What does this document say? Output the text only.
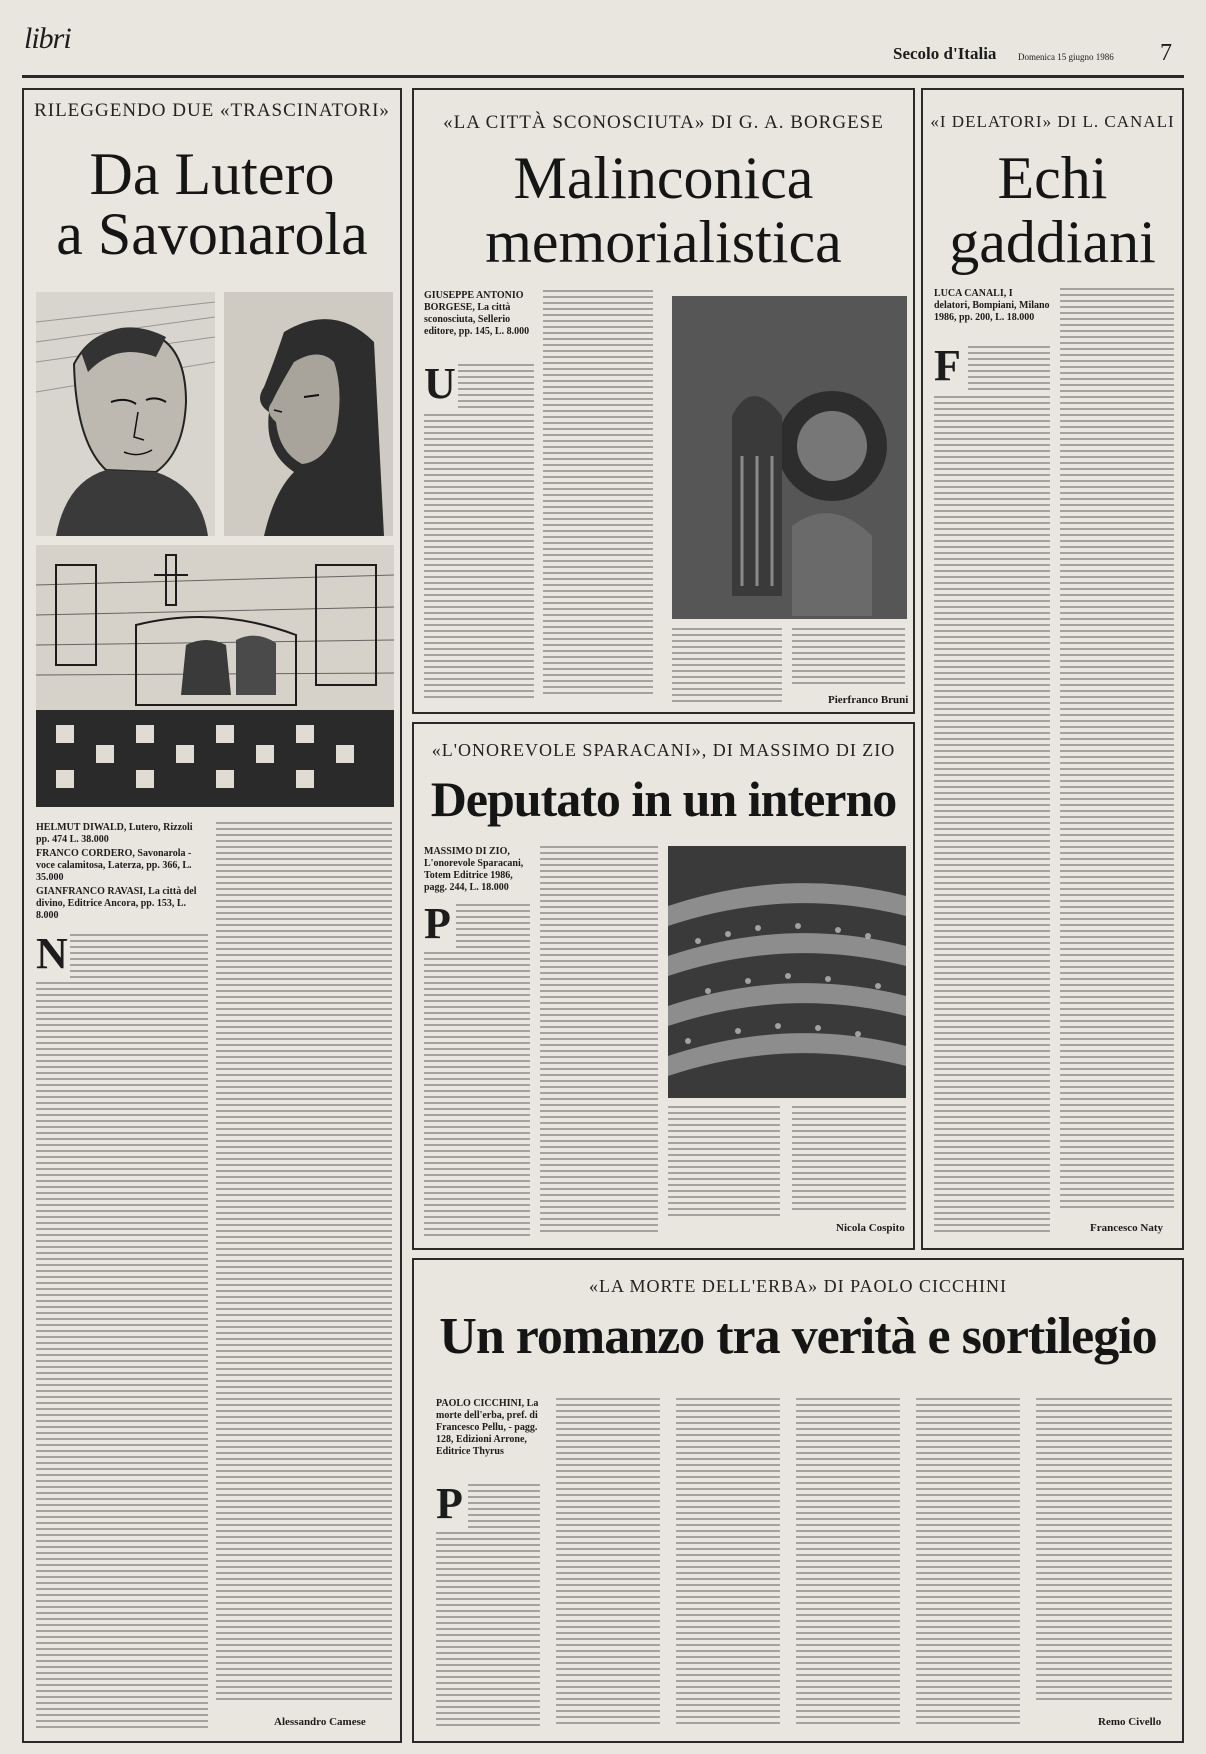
libri	Secolo d'Italia Domenica 15 giugno 1986 7
RILEGGENDO DUE «TRASCINATORI»
Da Lutero
a Savonarola
HELMUT DIWALD, Lutero, Rizzoli pp. 474 L. 38.000
FRANCO CORDERO, Savonarola - voce calamitosa, Laterza, pp. 366, L. 35.000
GIANFRANCO RAVASI, La città del divino, Editrice Ancora, pp. 153, L. 8.000
N
Alessandro Camese
«LA CITTÀ SCONOSCIUTA» DI G. A. BORGESE
Malinconica
memorialistica
GIUSEPPE ANTONIO BORGESE, La città sconosciuta, Sellerio editore, pp. 145, L. 8.000
U
Pierfranco Bruni
«I DELATORI» DI L. CANALI
Echi
gaddiani
LUCA CANALI, I delatori, Bompiani, Milano 1986, pp. 200, L. 18.000
F
Francesco Naty
«L'ONOREVOLE SPARACANI», DI MASSIMO DI ZIO
Deputato in un interno
MASSIMO DI ZIO, L'onorevole Sparacani, Totem Editrice 1986, pagg. 244, L. 18.000
P
Nicola Cospito
«LA MORTE DELL'ERBA» DI PAOLO CICCHINI
Un romanzo tra verità e sortilegio
PAOLO CICCHINI, La morte dell'erba, pref. di Francesco Pellu, - pagg. 128, Edizioni Arrone, Editrice Thyrus
P
Remo Civello
